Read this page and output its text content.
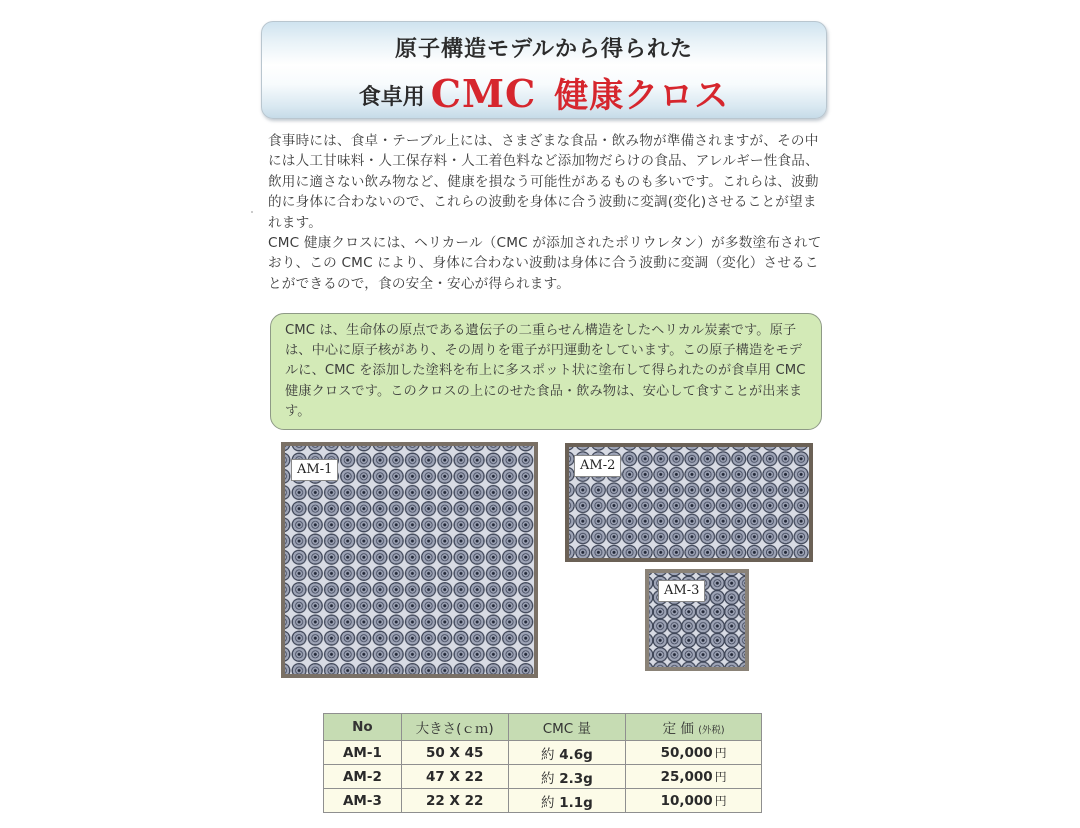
原子構造モデルから得られた
食卓用 CMC 健康クロス

食事時には、食卓・テーブル上には、さまざまな食品・飲み物が準備されますが、その中には人工甘味料・人工保存料・人工着色料など添加物だらけの食品、アレルギー性食品、飲用に適さない飲み物など、健康を損なう可能性があるものも多いです。これらは、波動的に身体に合わないので、これらの波動を身体に合う波動に変調(変化)させることが望まれます。

CMC 健康クロスには、ヘリカール（CMC が添加されたポリウレタン）が多数塗布されており、この CMC により、身体に合わない波動は身体に合う波動に変調（変化）させることができるので，食の安全・安心が得られます。

CMC は、生命体の原点である遺伝子の二重らせん構造をしたヘリカル炭素です。原子は、中心に原子核があり、その周りを電子が円運動をしています。この原子構造をモデルに、CMC を添加した塗料を布上に多スポット状に塗布して得られたのが食卓用 CMC 健康クロスです。このクロスの上にのせた食品・飲み物は、安心して食すことが出来ます。

AM-1	AM-2
AM-3
No	大きさ(ｃｍ)	CMC 量	定 価 (外税)
AM-1	50 X 45	約 4.6g	50,000 円
AM-2	47 X 22	約 2.3g	25,000 円
AM-3	22 X 22	約 1.1g	10,000 円
